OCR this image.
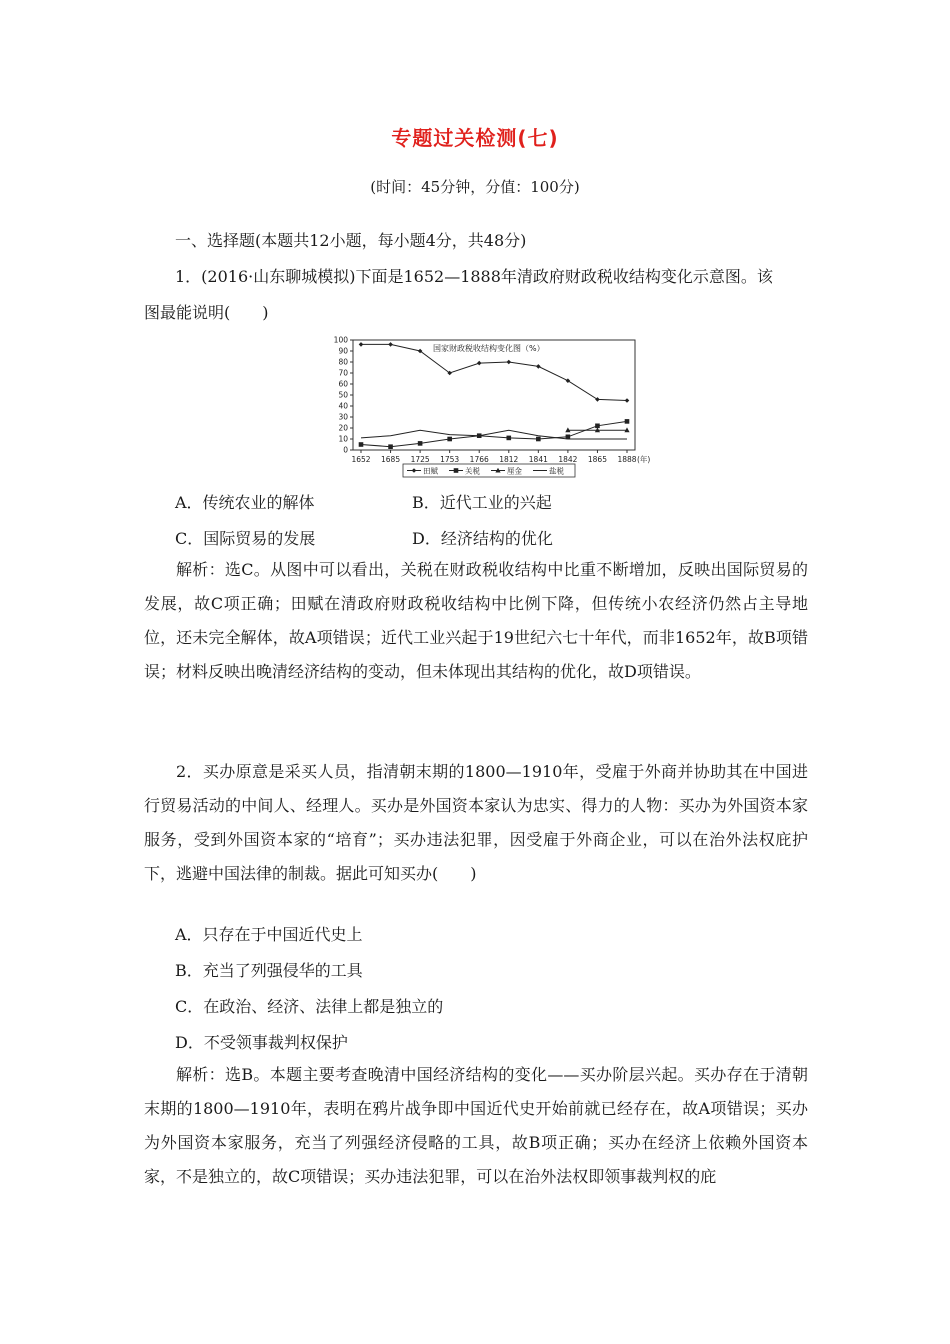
专题过关检测(七)
(时间：45分钟，分值：100分)
一、选择题(本题共12小题，每小题4分，共48分)
1．(2016·山东聊城模拟)下面是1652—1888年清政府财政税收结构变化示意图。该
图最能说明(　　)
0
10
20
30
40
50
60
70
80
90
100
1652 1685 1725 1753 1766 1812 1841 1842 1865 1888 (年)
国家财政税收结构变化图（%）
田赋	关税	厘金	盐税
A．传统农业的解体	B．近代工业的兴起
C．国际贸易的发展	D．经济结构的优化
解析：选C。从图中可以看出，关税在财政税收结构中比重不断增加，反映出国际贸易的发展，故C项正确；田赋在清政府财政税收结构中比例下降，但传统小农经济仍然占主导地位，还未完全解体，故A项错误；近代工业兴起于19世纪六七十年代，而非1652年，故B项错误；材料反映出晚清经济结构的变动，但未体现出其结构的优化，故D项错误。
2．买办原意是采买人员，指清朝末期的1800—1910年，受雇于外商并协助其在中国进行贸易活动的中间人、经理人。买办是外国资本家认为忠实、得力的人物：买办为外国资本家服务，受到外国资本家的“培育”；买办违法犯罪，因受雇于外商企业，可以在治外法权庇护下，逃避中国法律的制裁。据此可知买办(　　)
A．只存在于中国近代史上
B．充当了列强侵华的工具
C．在政治、经济、法律上都是独立的
D．不受领事裁判权保护
解析：选B。本题主要考查晚清中国经济结构的变化——买办阶层兴起。买办存在于清朝末期的1800—1910年，表明在鸦片战争即中国近代史开始前就已经存在，故A项错误；买办为外国资本家服务，充当了列强经济侵略的工具，故B项正确；买办在经济上依赖外国资本家，不是独立的，故C项错误；买办违法犯罪，可以在治外法权即领事裁判权的庇
